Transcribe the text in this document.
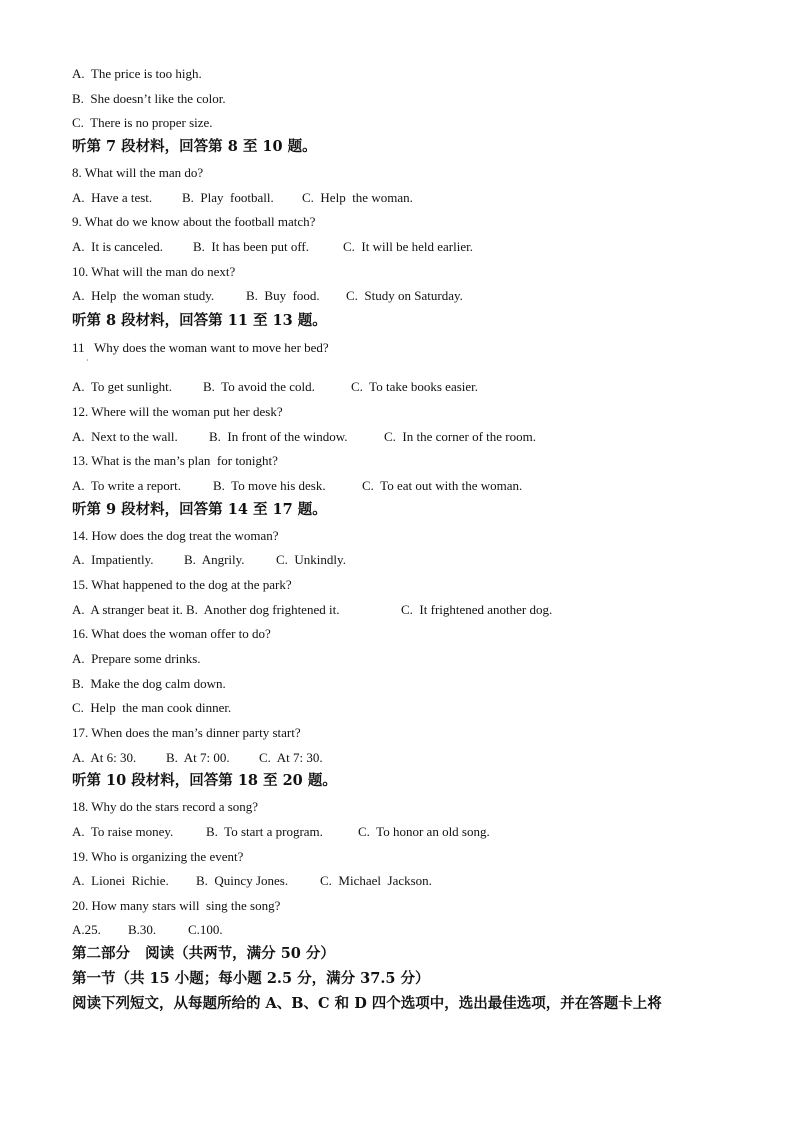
A.  The price is too high.
B.  She doesn’t like the color.
C.  There is no proper size.
听第 7 段材料，回答第 8 至 10 题。
8. What will the man do?
A.  Have a test. B.  Play  football. C.  Help  the woman.
9. What do we know about the football match?
A.  It is canceled. B.  It has been put off.	C.  It will be held earlier.
10. What will the man do next?
A.  Help  the woman study. B.  Buy  food. C.  Study on Saturday.
听第 8 段材料，回答第 11 至 13 题。
11   Why does the woman want to move her bed?
A.  To get sunlight. B.  To avoid the cold.	C.  To take books easier.
12. Where will the woman put her desk?
A.  Next to the wall. B.  In front of the window.	C.  In the corner of the room.
13. What is the man’s plan  for tonight?
A.  To write a report. B.  To move his desk.	C.  To eat out with the woman.
听第 9 段材料，回答第 14 至 17 题。
14. How does the dog treat the woman?
A.  Impatiently. B.  Angrily. C.  Unkindly.
15. What happened to the dog at the park?
A.  A stranger beat it. B.  Another dog frightened it.	C.  It frightened another dog.
16. What does the woman offer to do?
A.  Prepare some drinks.
B.  Make the dog calm down.
C.  Help  the man cook dinner.
17. When does the man’s dinner party start?
A.  At 6: 30. B.  At 7: 00. C.  At 7: 30.
听第 10 段材料，回答第 18 至 20 题。
18. Why do the stars record a song?
A.  To raise money.	B.  To start a program.	C.  To honor an old song.
19. Who is organizing the event?
A.  Lionei  Richie. B.  Quincy Jones. C.  Michael  Jackson.
20. How many stars will  sing the song?
A.25. B.30. C.100.
第二部分   阅读（共两节，满分 50 分）
第一节（共 15 小题；每小题 2.5 分，满分 37.5 分）
阅读下列短文，从每题所给的 A、B、C 和 D 四个选项中，选出最佳选项，并在答题卡上将
·
